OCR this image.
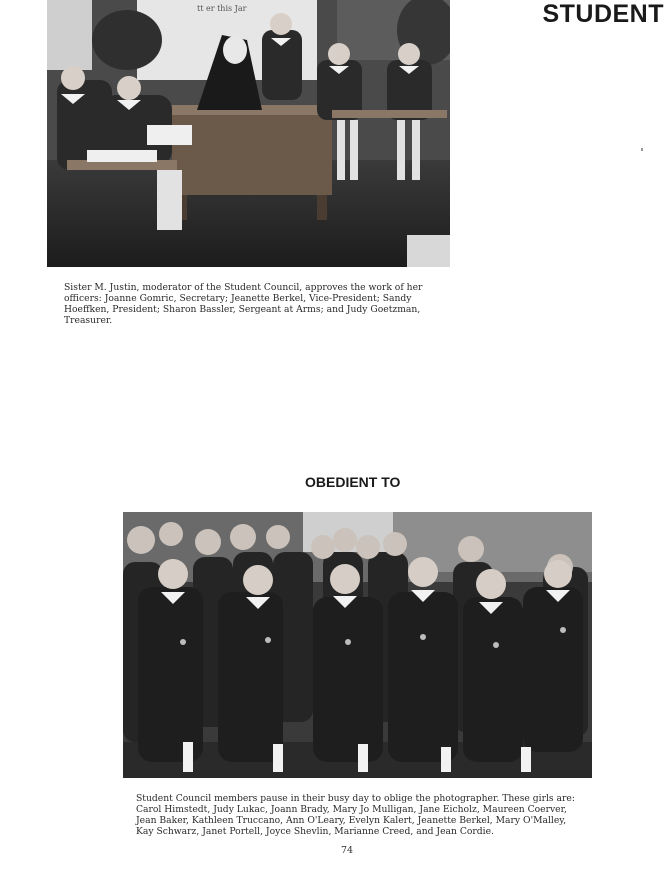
STUDENT
tt er this Jar

Sister M. Justin, moderator of the Student Council, approves the work of her officers: Joanne Gomric, Secretary; Jeanette Berkel, Vice-President; Sandy Hoeffken, President; Sharon Bassler, Sergeant at Arms; and Judy Goetzman, Treasurer.

OBEDIENT TO

Student Council members pause in their busy day to oblige the photographer. These girls are: Carol Himstedt, Judy Lukac, Joann Brady, Mary Jo Mulligan, Jane Eicholz, Maureen Coerver, Jean Baker, Kathleen Truccano, Ann O'Leary, Evelyn Kalert, Jeanette Berkel, Mary O'Malley, Kay Schwarz, Janet Portell, Joyce Shevlin, Marianne Creed, and Jean Cordie.

74
